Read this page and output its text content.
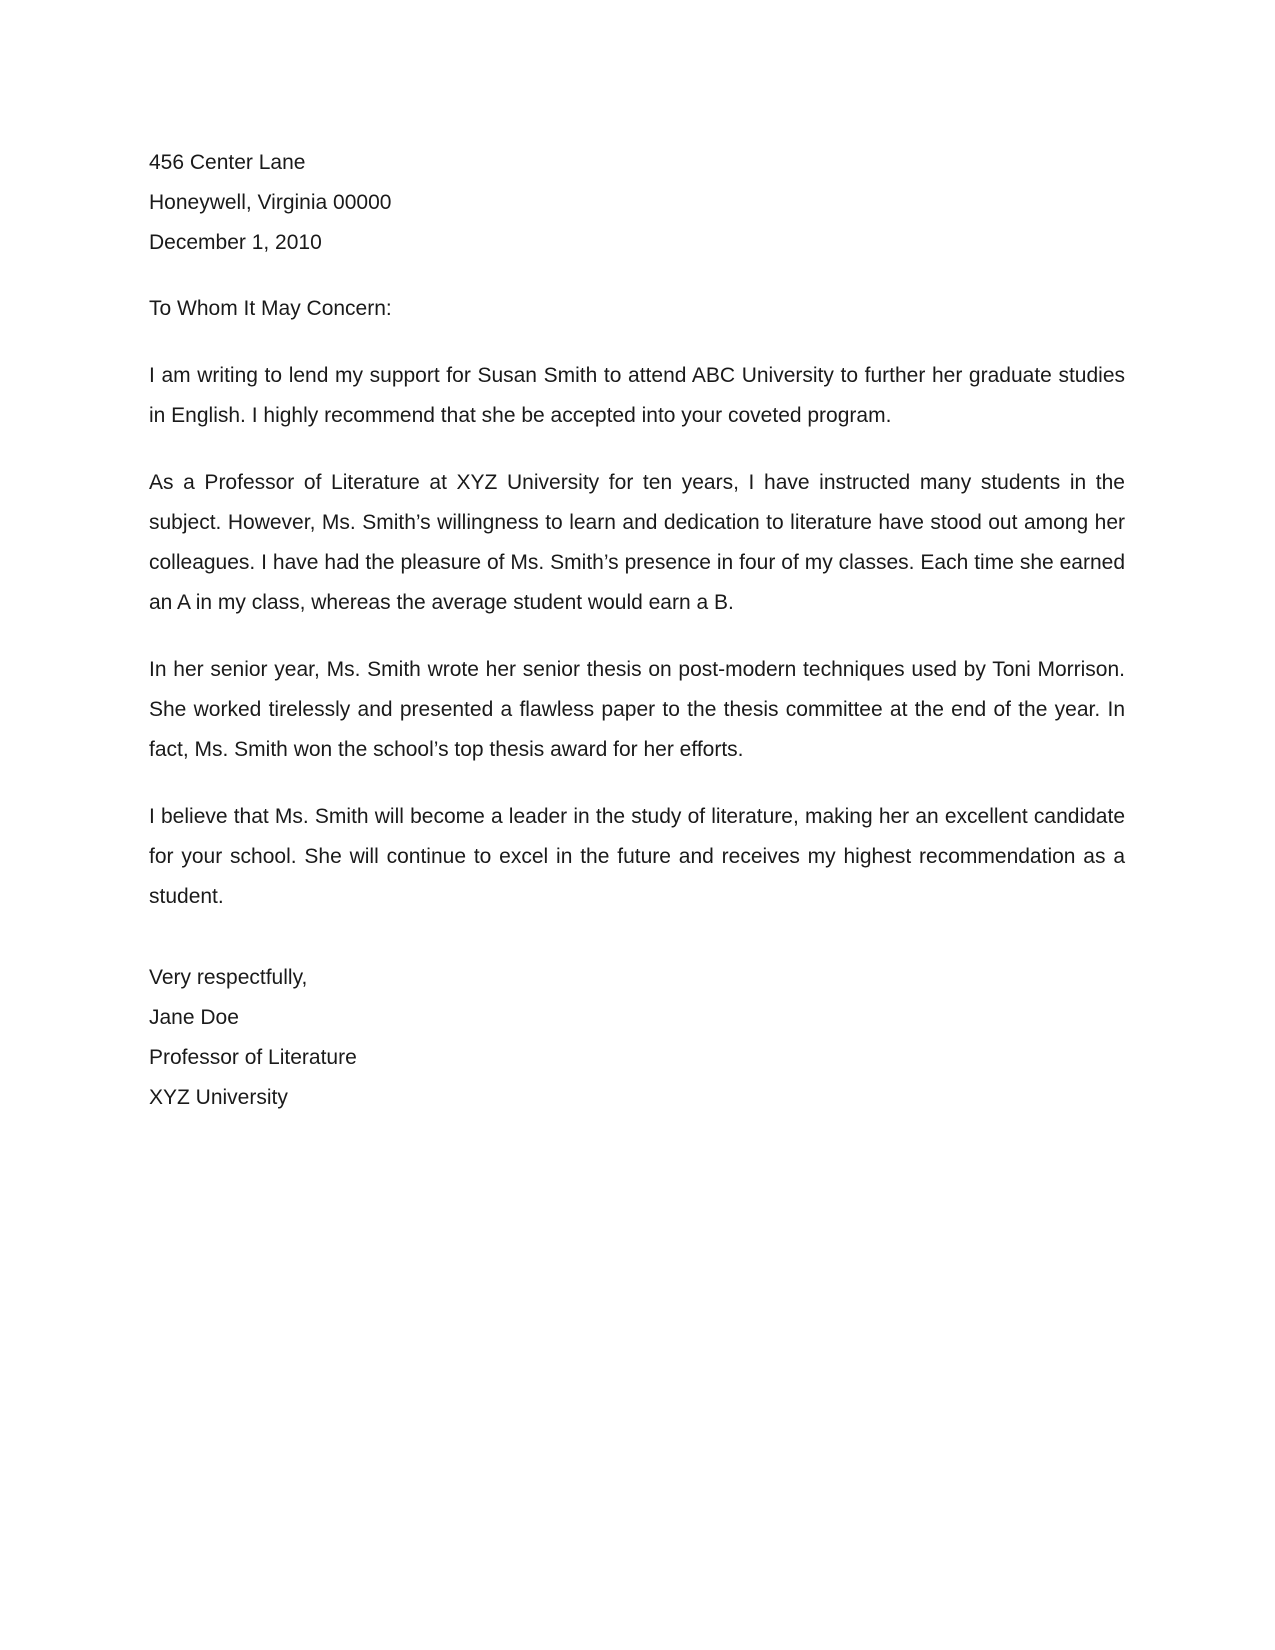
456 Center Lane
Honeywell, Virginia 00000
December 1, 2010
To Whom It May Concern:

I am writing to lend my support for Susan Smith to attend ABC University to further her graduate studies in English. I highly recommend that she be accepted into your coveted program.

As a Professor of Literature at XYZ University for ten years, I have instructed many students in the subject. However, Ms. Smith’s willingness to learn and dedication to literature have stood out among her colleagues. I have had the pleasure of Ms. Smith’s presence in four of my classes. Each time she earned an A in my class, whereas the average student would earn a B.

In her senior year, Ms. Smith wrote her senior thesis on post-modern techniques used by Toni Morrison. She worked tirelessly and presented a flawless paper to the thesis committee at the end of the year. In fact, Ms. Smith won the school’s top thesis award for her efforts.

I believe that Ms. Smith will become a leader in the study of literature, making her an excellent candidate for your school. She will continue to excel in the future and receives my highest recommendation as a student.

Very respectfully,
Jane Doe
Professor of Literature
XYZ University
